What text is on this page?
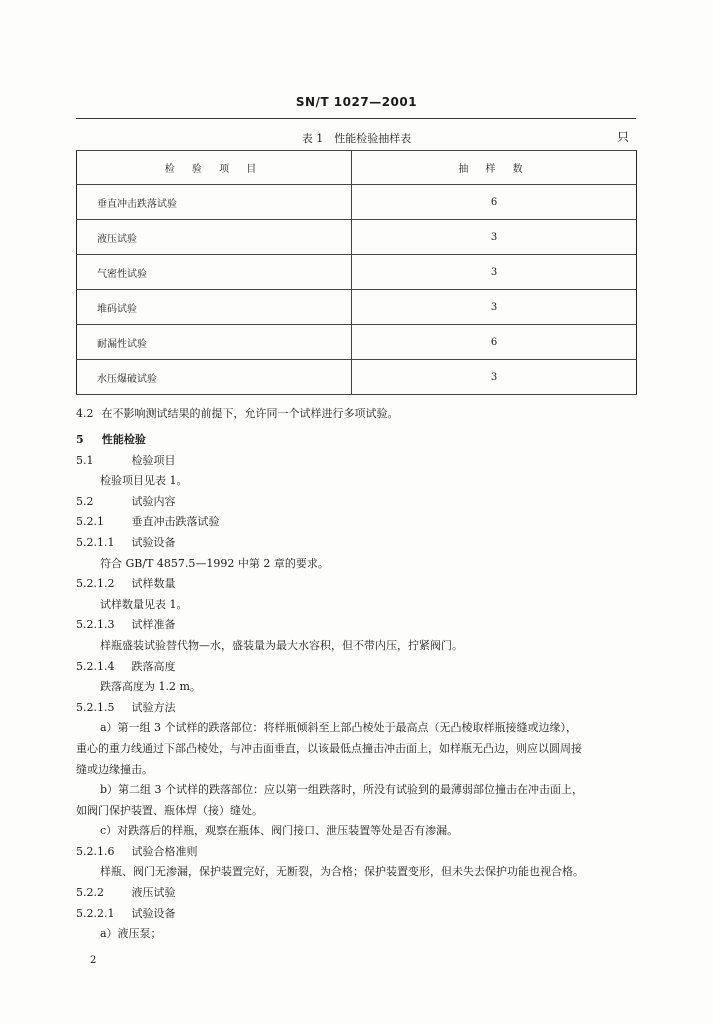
SN/T 1027—2001
表 1　性能检验抽样表	只
检 验 项 目	抽 样 数
垂直冲击跌落试验	6
液压试验	3
气密性试验	3
堆码试验	3
耐漏性试验	6
水压爆破试验	3
4.2 在不影响测试结果的前提下，允许同一个试样进行多项试验。
5 性能检验
5.1	检验项目
检验项目见表 1。
5.2	试验内容
5.2.1	垂直冲击跌落试验
5.2.1.1 试验设备
符合 GB/T 4857.5—1992 中第 2 章的要求。
5.2.1.2 试样数量
试样数量见表 1。
5.2.1.3 试样准备
样瓶盛装试验替代物—水，盛装量为最大水容积，但不带内压，拧紧阀门。
5.2.1.4 跌落高度
跌落高度为 1.2 m。
5.2.1.5 试验方法
a）第一组 3 个试样的跌落部位：将样瓶倾斜至上部凸棱处于最高点（无凸棱取样瓶接缝或边缘），
重心的重力线通过下部凸棱处，与冲击面垂直，以该最低点撞击冲击面上，如样瓶无凸边，则应以圆周接
缝或边缘撞击。
b）第二组 3 个试样的跌落部位：应以第一组跌落时，所没有试验到的最薄弱部位撞击在冲击面上，
如阀门保护装置、瓶体焊（接）缝处。
c）对跌落后的样瓶，观察在瓶体、阀门接口、泄压装置等处是否有渗漏。
5.2.1.6 试验合格准则
样瓶、阀门无渗漏，保护装置完好，无断裂，为合格；保护装置变形，但未失去保护功能也视合格。
5.2.2	液压试验
5.2.2.1 试验设备
a）液压泵；
2
